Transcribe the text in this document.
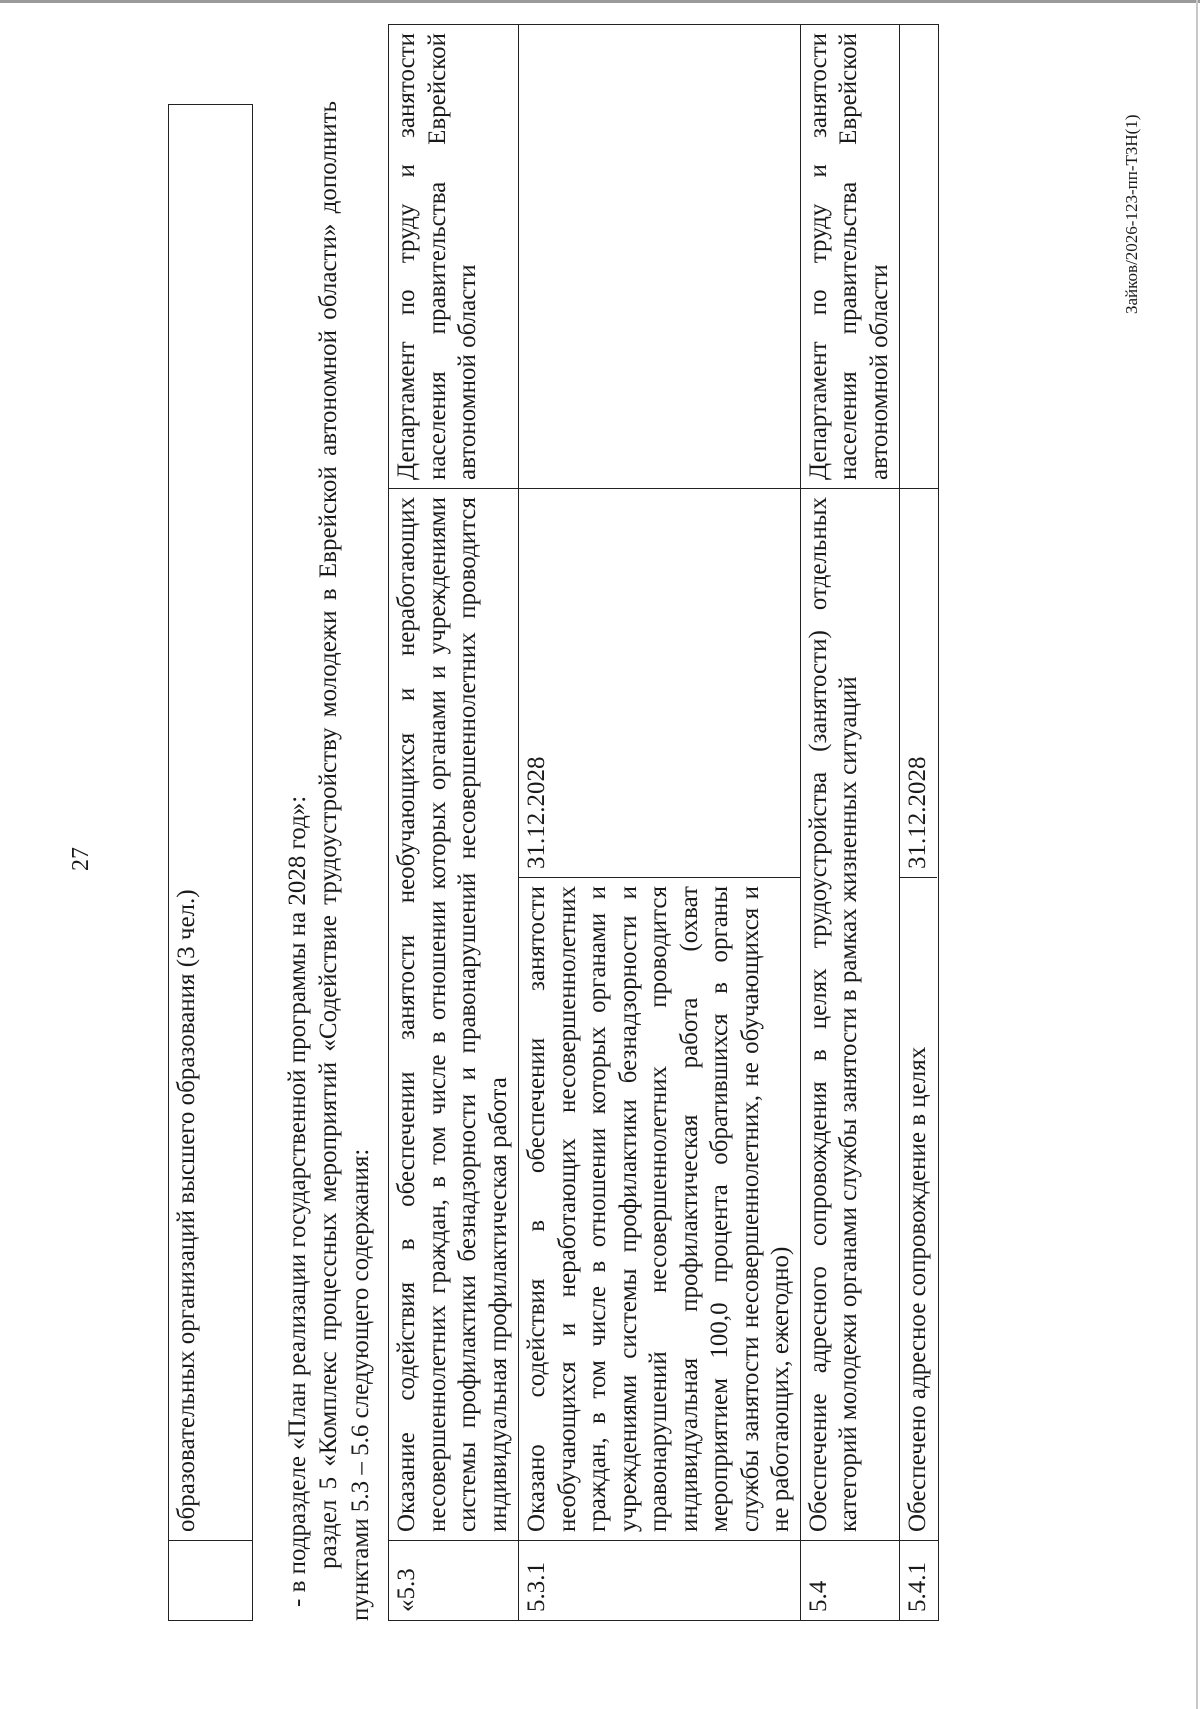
27
	образовательных организаций высшего образования (3 чел.)	- в подразделе «План реализации государственной программы на 2028 год»: раздел 5 «Комплекс процессных мероприятий «Содействие трудоустройству молодежи в Еврейской автономной области» дополнить пунктами 5.3 – 5.6 следующего содержания: «5.3	Оказание содействия в обеспечении занятости необучающихся и неработающих несовершеннолетних граждан, в том числе в отношении которых органами и учреждениями системы профилактики безнадзорности и правонарушений несовершеннолетних проводится индивидуальная профилактическая работа	Департамент по труду и занятости населения правительства Еврейской автономной области
5.3.1	Оказано содействия в обеспечении занятости необучающихся и неработающих несовершеннолетних граждан, в том числе в отношении которых органами и учреждениями системы профилактики безнадзорности и правонарушений несовершеннолетних проводится индивидуальная профилактическая работа (охват мероприятием 100,0 процента обратившихся в органы службы занятости несовершеннолетних, не обучающихся и не работающих, ежегодно)
31.12.2028	

5.4	Обеспечение адресного сопровождения в целях трудоустройства (занятости) отдельных категорий молодежи органами службы занятости в рамках жизненных ситуаций	Департамент по труду и занятости населения правительства Еврейской автономной области
5.4.1	Обеспечено адресное сопровождение в целях
31.12.2028	

Зайков/2026-123-пп-ТЗН(1)
